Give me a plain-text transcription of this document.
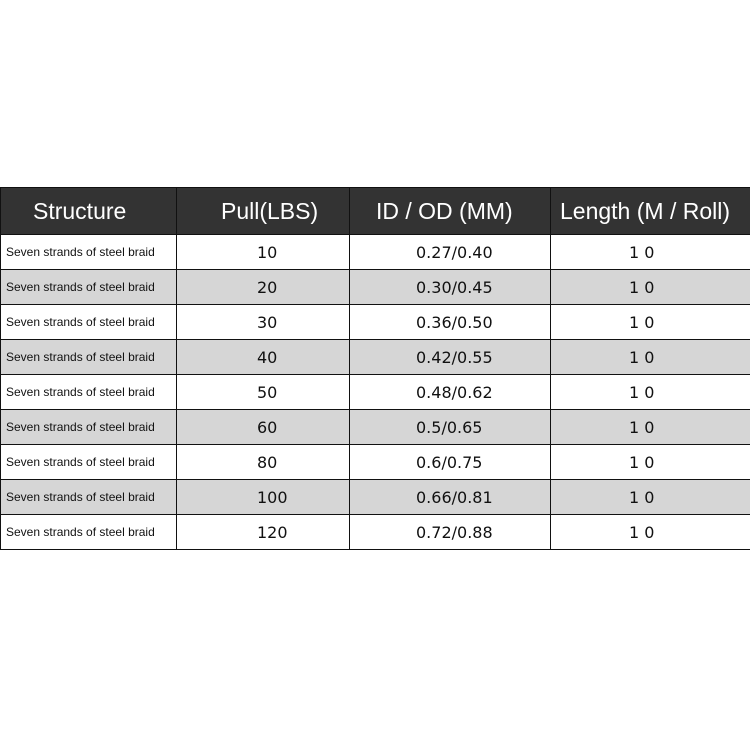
Structure	Pull(LBS)	ID / OD (MM)	Length (M / Roll)
Seven strands of steel braid	10	0.27/0.40	1 0
Seven strands of steel braid	20	0.30/0.45	1 0
Seven strands of steel braid	30	0.36/0.50	1 0
Seven strands of steel braid	40	0.42/0.55	1 0
Seven strands of steel braid	50	0.48/0.62	1 0
Seven strands of steel braid	60	0.5/0.65	1 0
Seven strands of steel braid	80	0.6/0.75	1 0
Seven strands of steel braid	100	0.66/0.81	1 0
Seven strands of steel braid	120	0.72/0.88	1 0
